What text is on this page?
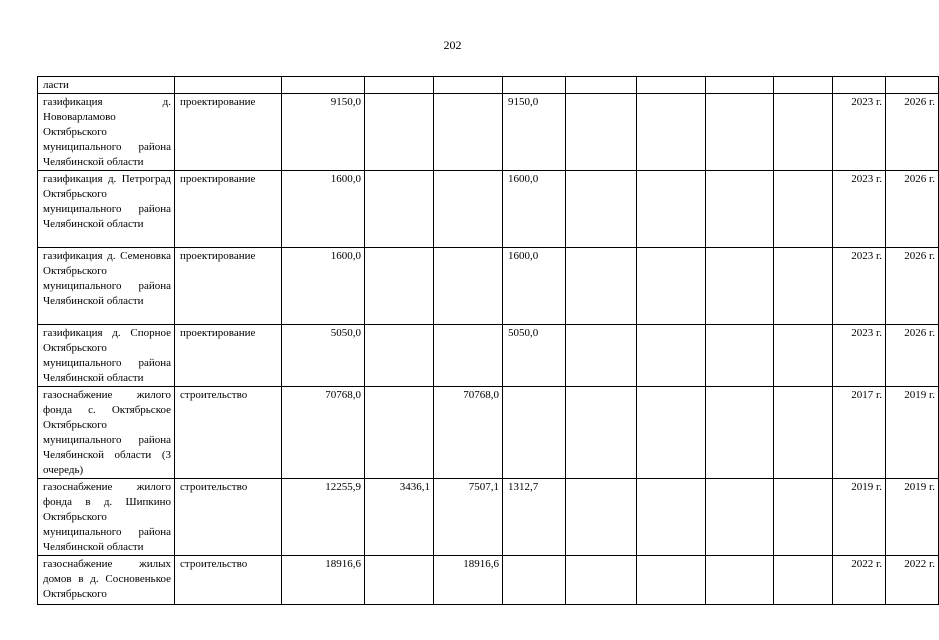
202
ласти											
газификация д. Нововарламово Октябрьского муниципального района Челябинской области	проектирование	9150,0			9150,0					2023 г.	2026 г.
газификация д. Петроград Октябрьского муниципального района Челябинской области	проектирование	1600,0			1600,0					2023 г.	2026 г.
газификация д. Семеновка Октябрьского муниципального района Челябинской области	проектирование	1600,0			1600,0					2023 г.	2026 г.
газификация д. Спорное Октябрьского муниципального района Челябинской области	проектирование	5050,0			5050,0					2023 г.	2026 г.
газоснабжение жилого фонда с. Октябрьское Октябрьского муниципального района Челябинской области (3 очередь)	строительство	70768,0		70768,0						2017 г.	2019 г.
газоснабжение жилого фонда в д. Шипкино Октябрьского муниципального района Челябинской области	строительство	12255,9	3436,1	7507,1	1312,7					2019 г.	2019 г.
газоснабжение жилых домов в д. Сосновенькое Октябрьского	строительство	18916,6		18916,6						2022 г.	2022 г.
